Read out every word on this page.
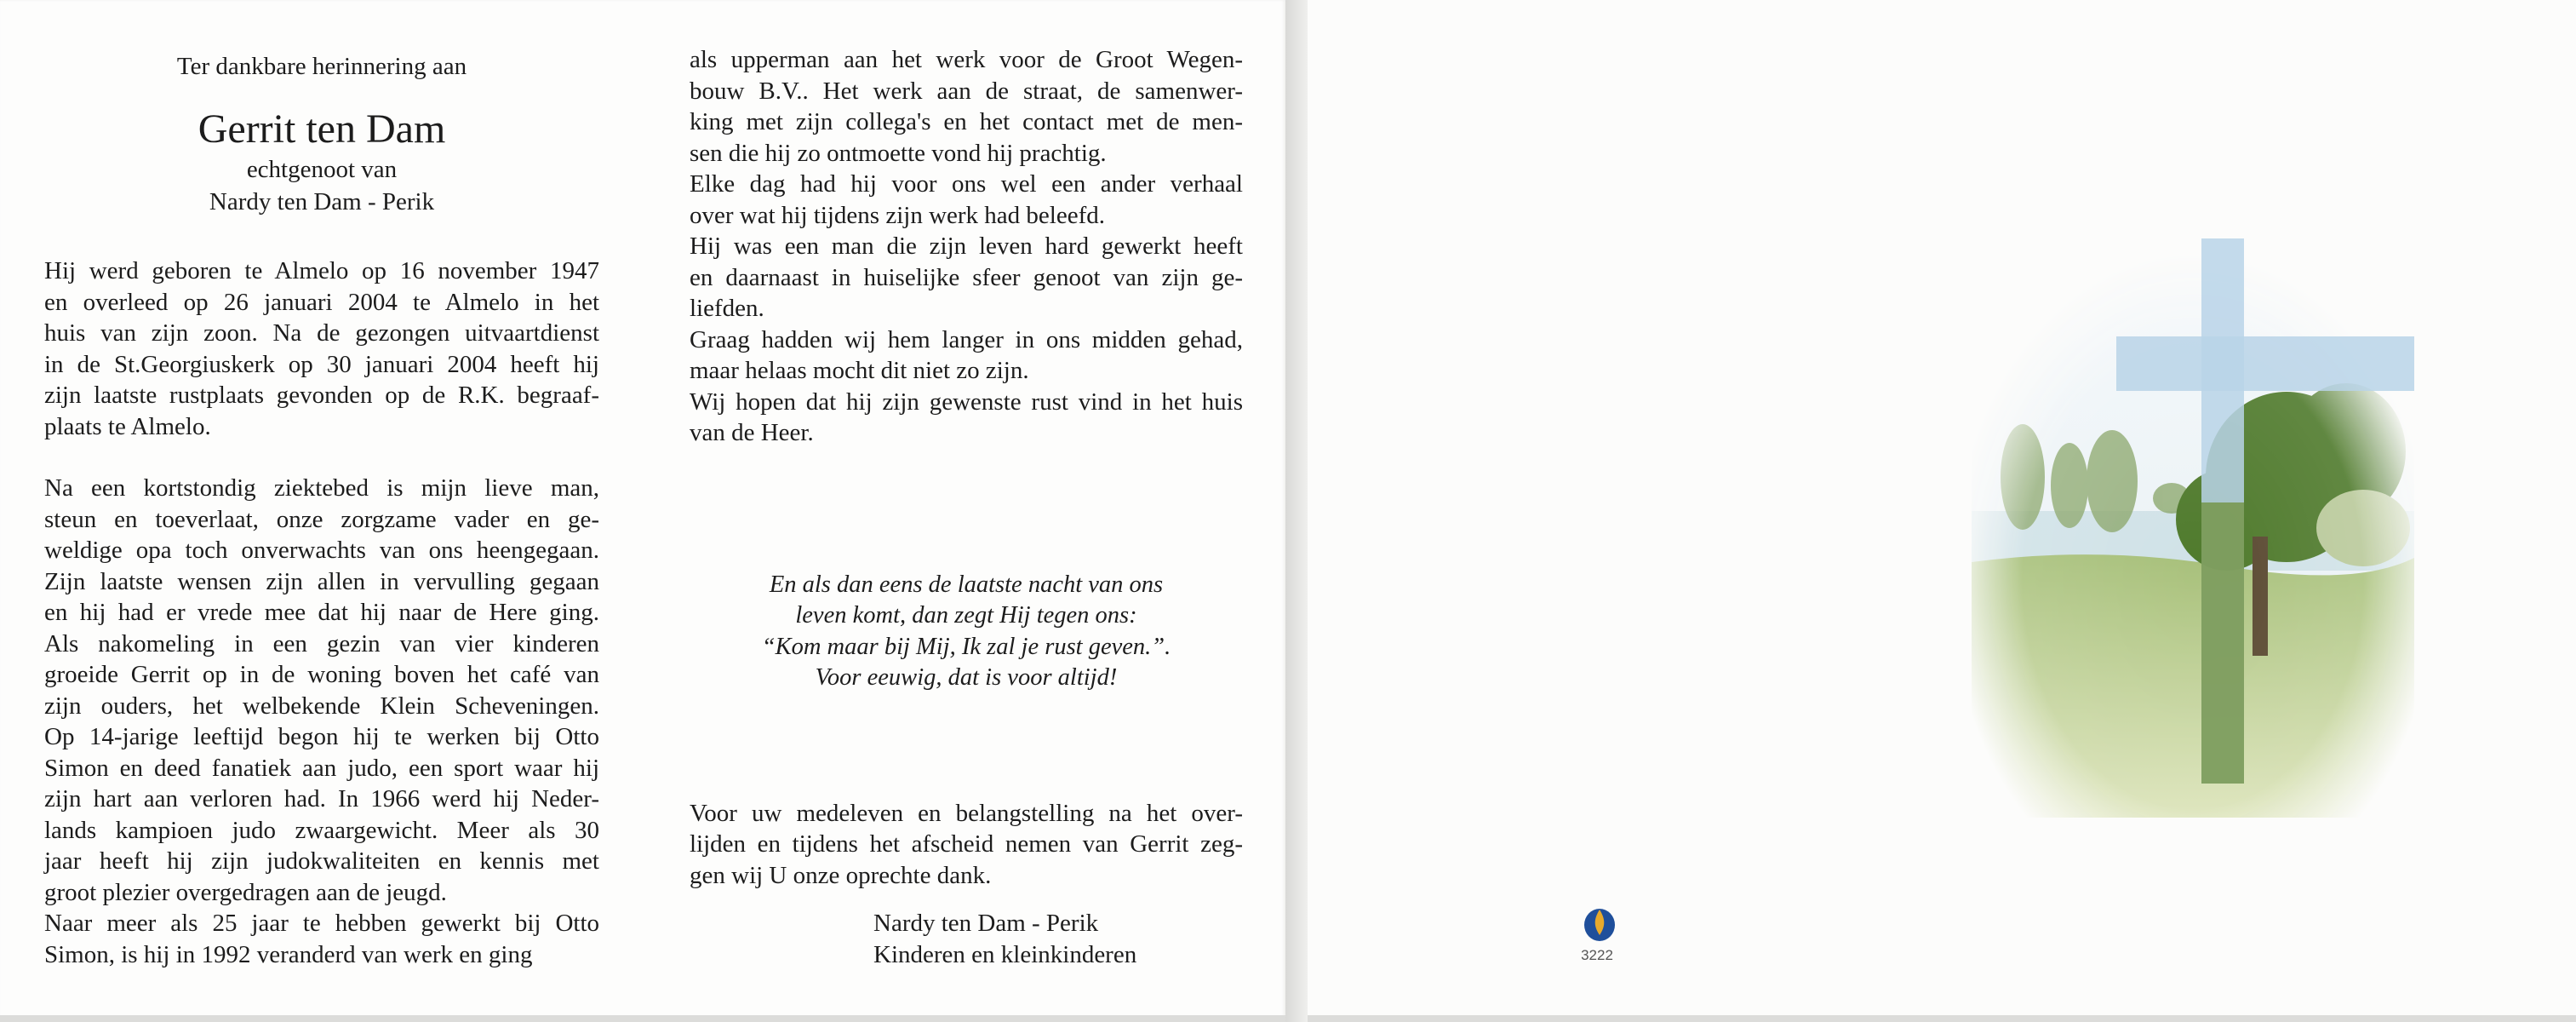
Ter dankbare herinnering aan
Gerrit ten Dam
echtgenoot van
Nardy ten Dam - Perik

Hij werd geboren te Almelo op 16 november 1947
en overleed op 26 januari 2004 te Almelo in het
huis van zijn zoon. Na de gezongen uitvaartdienst
in de St.Georgiuskerk op 30 januari 2004 heeft hij
zijn laatste rustplaats gevonden op de R.K. begraaf-
plaats te Almelo.

Na een kortstondig ziektebed is mijn lieve man,
steun en toeverlaat, onze zorgzame vader en ge-
weldige opa toch onverwachts van ons heengegaan.
Zijn laatste wensen zijn allen in vervulling gegaan
en hij had er vrede mee dat hij naar de Here ging.
Als nakomeling in een gezin van vier kinderen
groeide Gerrit op in de woning boven het café van
zijn ouders, het welbekende Klein Scheveningen.
Op 14-jarige leeftijd begon hij te werken bij Otto
Simon en deed fanatiek aan judo, een sport waar hij
zijn hart aan verloren had. In 1966 werd hij Neder-
lands kampioen judo zwaargewicht. Meer als 30
jaar heeft hij zijn judokwaliteiten en kennis met
groot plezier overgedragen aan de jeugd.
Naar meer als 25 jaar te hebben gewerkt bij Otto
Simon, is hij in 1992 veranderd van werk en ging

als upperman aan het werk voor de Groot Wegen-
bouw B.V.. Het werk aan de straat, de samenwer-
king met zijn collega's en het contact met de men-
sen die hij zo ontmoette vond hij prachtig.
Elke dag had hij voor ons wel een ander verhaal
over wat hij tijdens zijn werk had beleefd.
Hij was een man die zijn leven hard gewerkt heeft
en daarnaast in huiselijke sfeer genoot van zijn ge-
liefden.
Graag hadden wij hem langer in ons midden gehad,
maar helaas mocht dit niet zo zijn.
Wij hopen dat hij zijn gewenste rust vind in het huis
van de Heer.

En als dan eens de laatste nacht van ons
leven komt, dan zegt Hij tegen ons:
“Kom maar bij Mij, Ik zal je rust geven.”.
Voor eeuwig, dat is voor altijd!

Voor uw medeleven en belangstelling na het over-
lijden en tijdens het afscheid nemen van Gerrit zeg-
gen wij U onze oprechte dank.

Nardy ten Dam - Perik
Kinderen en kleinkinderen	3222
